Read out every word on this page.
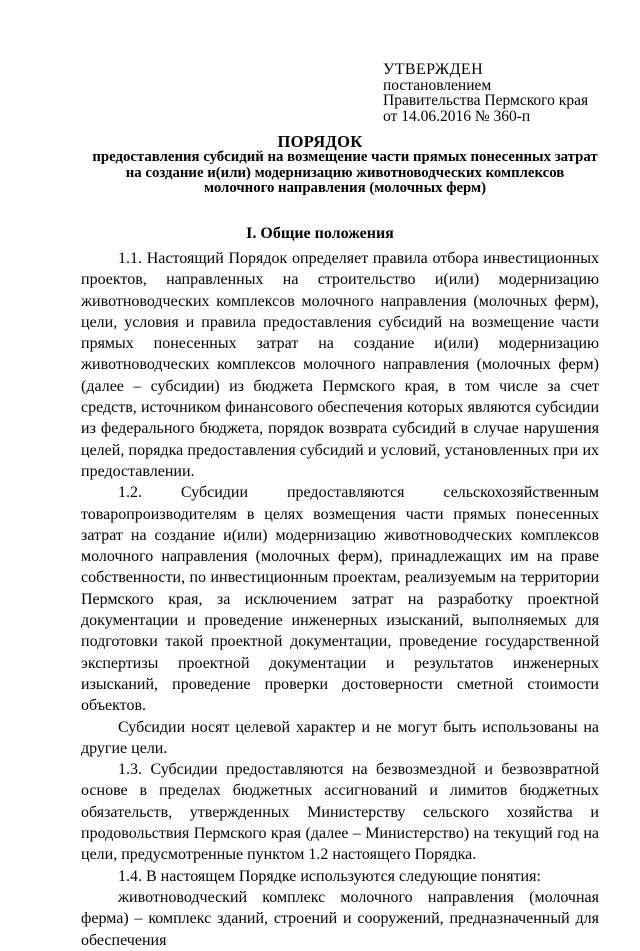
УТВЕРЖДЕН
постановлением
Правительства Пермского края
от 14.06.2016 № 360-п
ПОРЯДОК
предоставления субсидий на возмещение части прямых понесенных затрат на создание и(или) модернизацию животноводческих комплексов молочного направления (молочных ферм)
I. Общие положения

1.1. Настоящий Порядок определяет правила отбора инвестиционных проектов, направленных на строительство и(или) модернизацию животноводческих комплексов молочного направления (молочных ферм), цели, условия и правила предоставления субсидий на возмещение части прямых понесенных затрат на создание и(или) модернизацию животноводческих комплексов молочного направления (молочных ферм) (далее – субсидии) из бюджета Пермского края, в том числе за счет средств, источником финансового обеспечения которых являются субсидии из федерального бюджета, порядок возврата субсидий в случае нарушения целей, порядка предоставления субсидий и условий, установленных при их предоставлении.

1.2. Субсидии предоставляются сельскохозяйственным товаропроизводителям в целях возмещения части прямых понесенных затрат на создание и(или) модернизацию животноводческих комплексов молочного направления (молочных ферм), принадлежащих им на праве собственности, по инвестиционным проектам, реализуемым на территории Пермского края, за исключением затрат на разработку проектной документации и проведение инженерных изысканий, выполняемых для подготовки такой проектной документации, проведение государственной экспертизы проектной документации и результатов инженерных изысканий, проведение проверки достоверности сметной стоимости объектов.

Субсидии носят целевой характер и не могут быть использованы на другие цели.

1.3. Субсидии предоставляются на безвозмездной и безвозвратной основе в пределах бюджетных ассигнований и лимитов бюджетных обязательств, утвержденных Министерству сельского хозяйства и продовольствия Пермского края (далее – Министерство) на текущий год на цели, предусмотренные пунктом 1.2 настоящего Порядка.

1.4. В настоящем Порядке используются следующие понятия:

животноводческий комплекс молочного направления (молочная ферма) – комплекс зданий, строений и сооружений, предназначенный для обеспечения
